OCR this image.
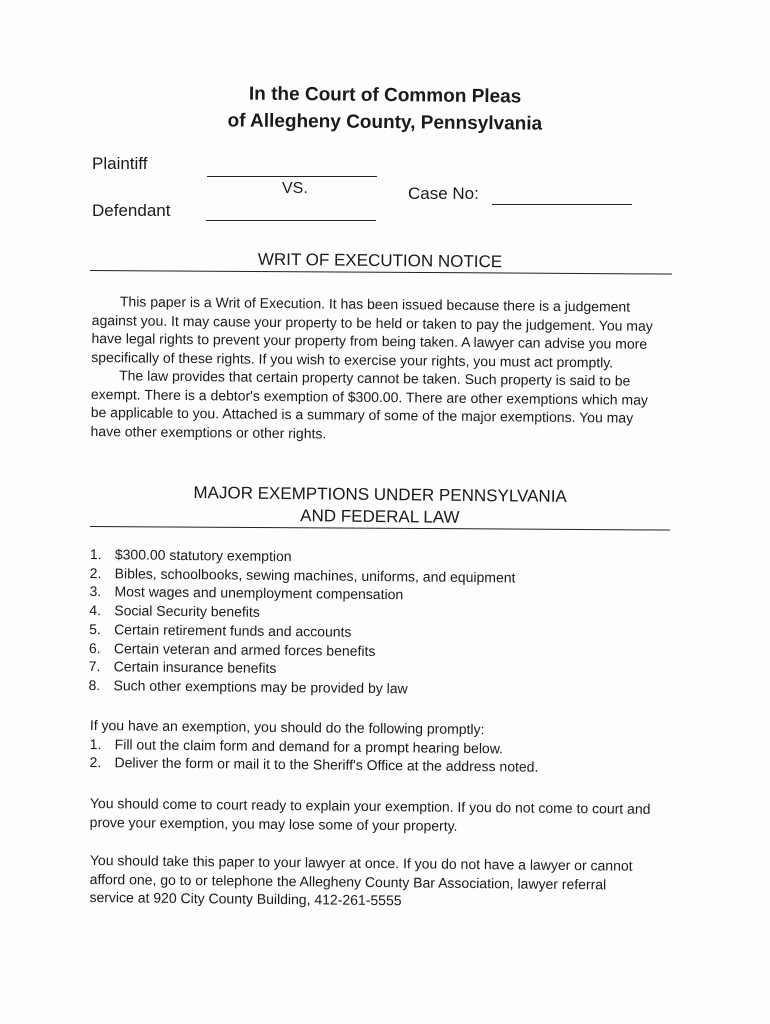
In the Court of Common Pleas
of Allegheny County, Pennsylvania
Plaintiff
VS.	Case No:
Defendant
WRIT OF EXECUTION NOTICE

This paper is a Writ of Execution. It has been issued because there is a judgement against you. It may cause your property to be held or taken to pay the judgement. You may have legal rights to prevent your property from being taken. A lawyer can advise you more specifically of these rights. If you wish to exercise your rights, you must act promptly.

The law provides that certain property cannot be taken. Such property is said to be exempt. There is a debtor's exemption of $300.00. There are other exemptions which may be applicable to you. Attached is a summary of some of the major exemptions. You may have other exemptions or other rights.

MAJOR EXEMPTIONS UNDER PENNSYLVANIA
AND FEDERAL LAW
1. $300.00 statutory exemption
2. Bibles, schoolbooks, sewing machines, uniforms, and equipment
3. Most wages and unemployment compensation
4. Social Security benefits
5. Certain retirement funds and accounts
6. Certain veteran and armed forces benefits
7. Certain insurance benefits
8. Such other exemptions may be provided by law

If you have an exemption, you should do the following promptly:

1. Fill out the claim form and demand for a prompt hearing below.

2. Deliver the form or mail it to the Sheriff's Office at the address noted.

You should come to court ready to explain your exemption. If you do not come to court and prove your exemption, you may lose some of your property.
You should take this paper to your lawyer at once. If you do not have a lawyer or cannot afford one, go to or telephone the Allegheny County Bar Association, lawyer referral service at 920 City County Building, 412-261-5555
